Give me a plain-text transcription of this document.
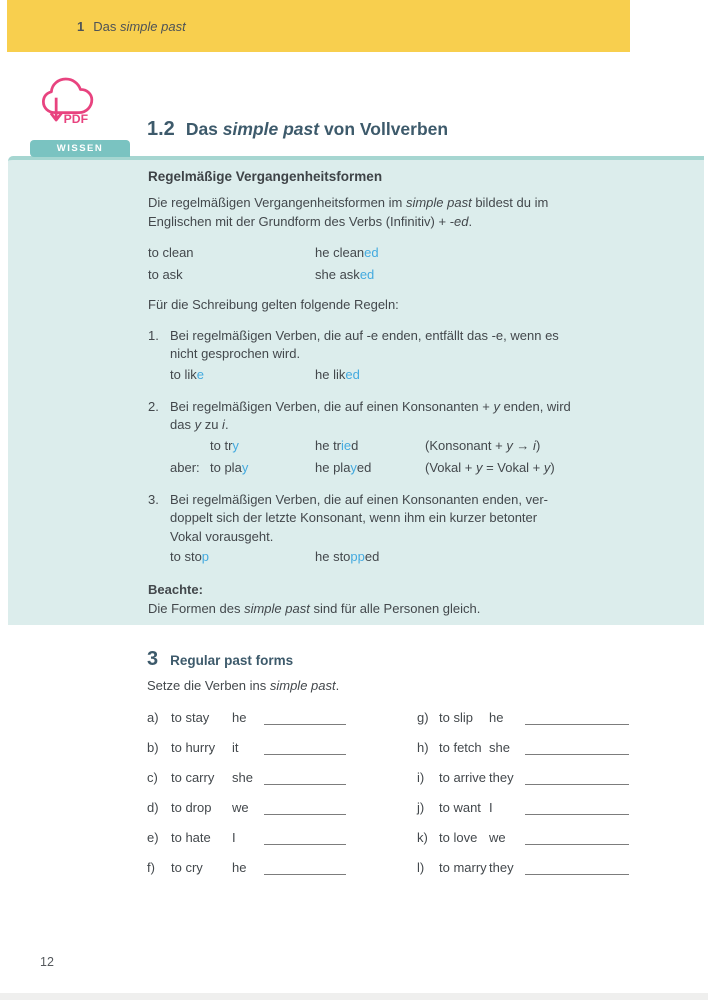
1 Das simple past
PDF	1.2 Das simple past von Vollverben
WISSEN
Regelmäßige Vergangenheitsformen

Die regelmäßigen Vergangenheitsformen im simple past bildest du im
Englischen mit der Grundform des Verbs (Infinitiv) + -ed.

to clean	he cleaned
to ask	she asked

Für die Schreibung gelten folgende Regeln:

1. Bei regelmäßigen Verben, die auf -e enden, entfällt das -e, wenn es
nicht gesprochen wird.

to like	he liked
2. Bei regelmäßigen Verben, die auf einen Konsonanten + y enden, wird
das y zu i.

to try	he tried	(Konsonant + y → i)
aber: to play	he played	(Vokal + y = Vokal + y)
3. Bei regelmäßigen Verben, die auf einen Konsonanten enden, ver-
doppelt sich der letzte Konsonant, wenn ihm ein kurzer betonter
Vokal vorausgeht.

to stop	he stopped

Beachte:
Die Formen des simple past sind für alle Personen gleich.

3 Regular past forms

Setze die Verben ins simple past.

a) to stay	he
b) to hurry	it
c)	to carry	she
d) to drop	we
e) to hate	I
f)	to cry	he
g) to slip	he
h) to fetch she
i)	to arrive they
j)	to want I
k) to love we
l)	to marry they
12
